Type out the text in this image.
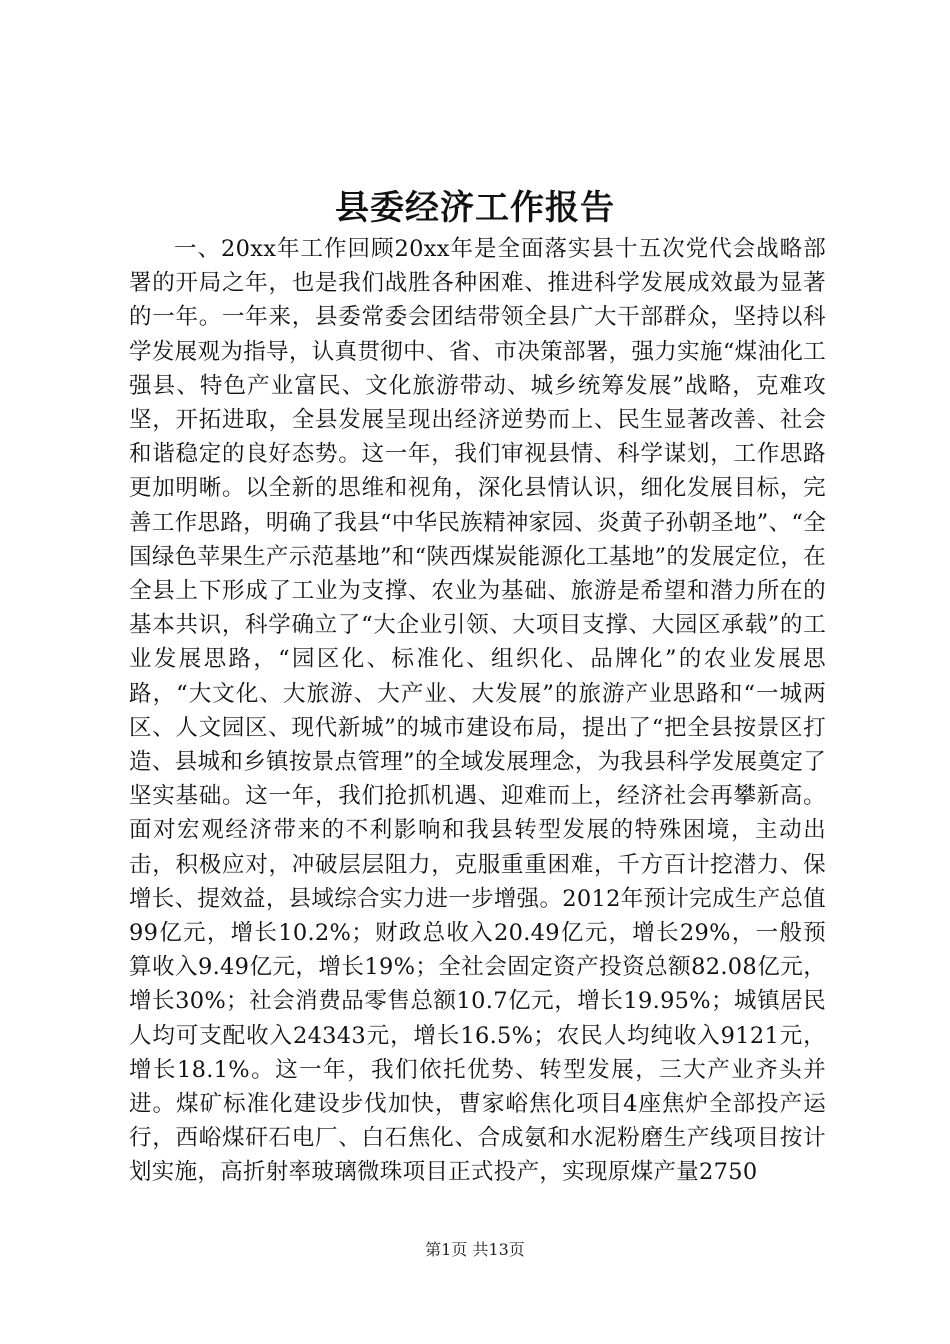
县委经济工作报告

一、20xx年工作回顾20xx年是全面落实县十五次党代会战略部署的开局之年，也是我们战胜各种困难、推进科学发展成效最为显著的一年。一年来，县委常委会团结带领全县广大干部群众，坚持以科学发展观为指导，认真贯彻中、省、市决策部署，强力实施“煤油化工强县、特色产业富民、文化旅游带动、城乡统筹发展”战略，克难攻坚，开拓进取，全县发展呈现出经济逆势而上、民生显著改善、社会和谐稳定的良好态势。这一年，我们审视县情、科学谋划，工作思路更加明晰。以全新的思维和视角，深化县情认识，细化发展目标，完善工作思路，明确了我县“中华民族精神家园、炎黄子孙朝圣地”、“全国绿色苹果生产示范基地”和“陕西煤炭能源化工基地”的发展定位，在全县上下形成了工业为支撑、农业为基础、旅游是希望和潜力所在的基本共识，科学确立了“大企业引领、大项目支撑、大园区承载”的工业发展思路，“园区化、标准化、组织化、品牌化”的农业发展思路，“大文化、大旅游、大产业、大发展”的旅游产业思路和“一城两区、人文园区、现代新城”的城市建设布局，提出了“把全县按景区打造、县城和乡镇按景点管理”的全域发展理念，为我县科学发展奠定了坚实基础。这一年，我们抢抓机遇、迎难而上，经济社会再攀新高。面对宏观经济带来的不利影响和我县转型发展的特殊困境，主动出击，积极应对，冲破层层阻力，克服重重困难，千方百计挖潜力、保增长、提效益，县域综合实力进一步增强。2012年预计完成生产总值99亿元，增长10.2%；财政总收入20.49亿元，增长29%，一般预算收入9.49亿元，增长19%；全社会固定资产投资总额82.08亿元，增长30%；社会消费品零售总额10.7亿元，增长19.95%；城镇居民人均可支配收入24343元，增长16.5%；农民人均纯收入9121元，增长18.1%。这一年，我们依托优势、转型发展，三大产业齐头并进。煤矿标准化建设步伐加快，曹家峪焦化项目4座焦炉全部投产运行，西峪煤矸石电厂、白石焦化、合成氨和水泥粉磨生产线项目按计划实施，高折射率玻璃微珠项目正式投产，实现原煤产量2750

第1页 共13页
